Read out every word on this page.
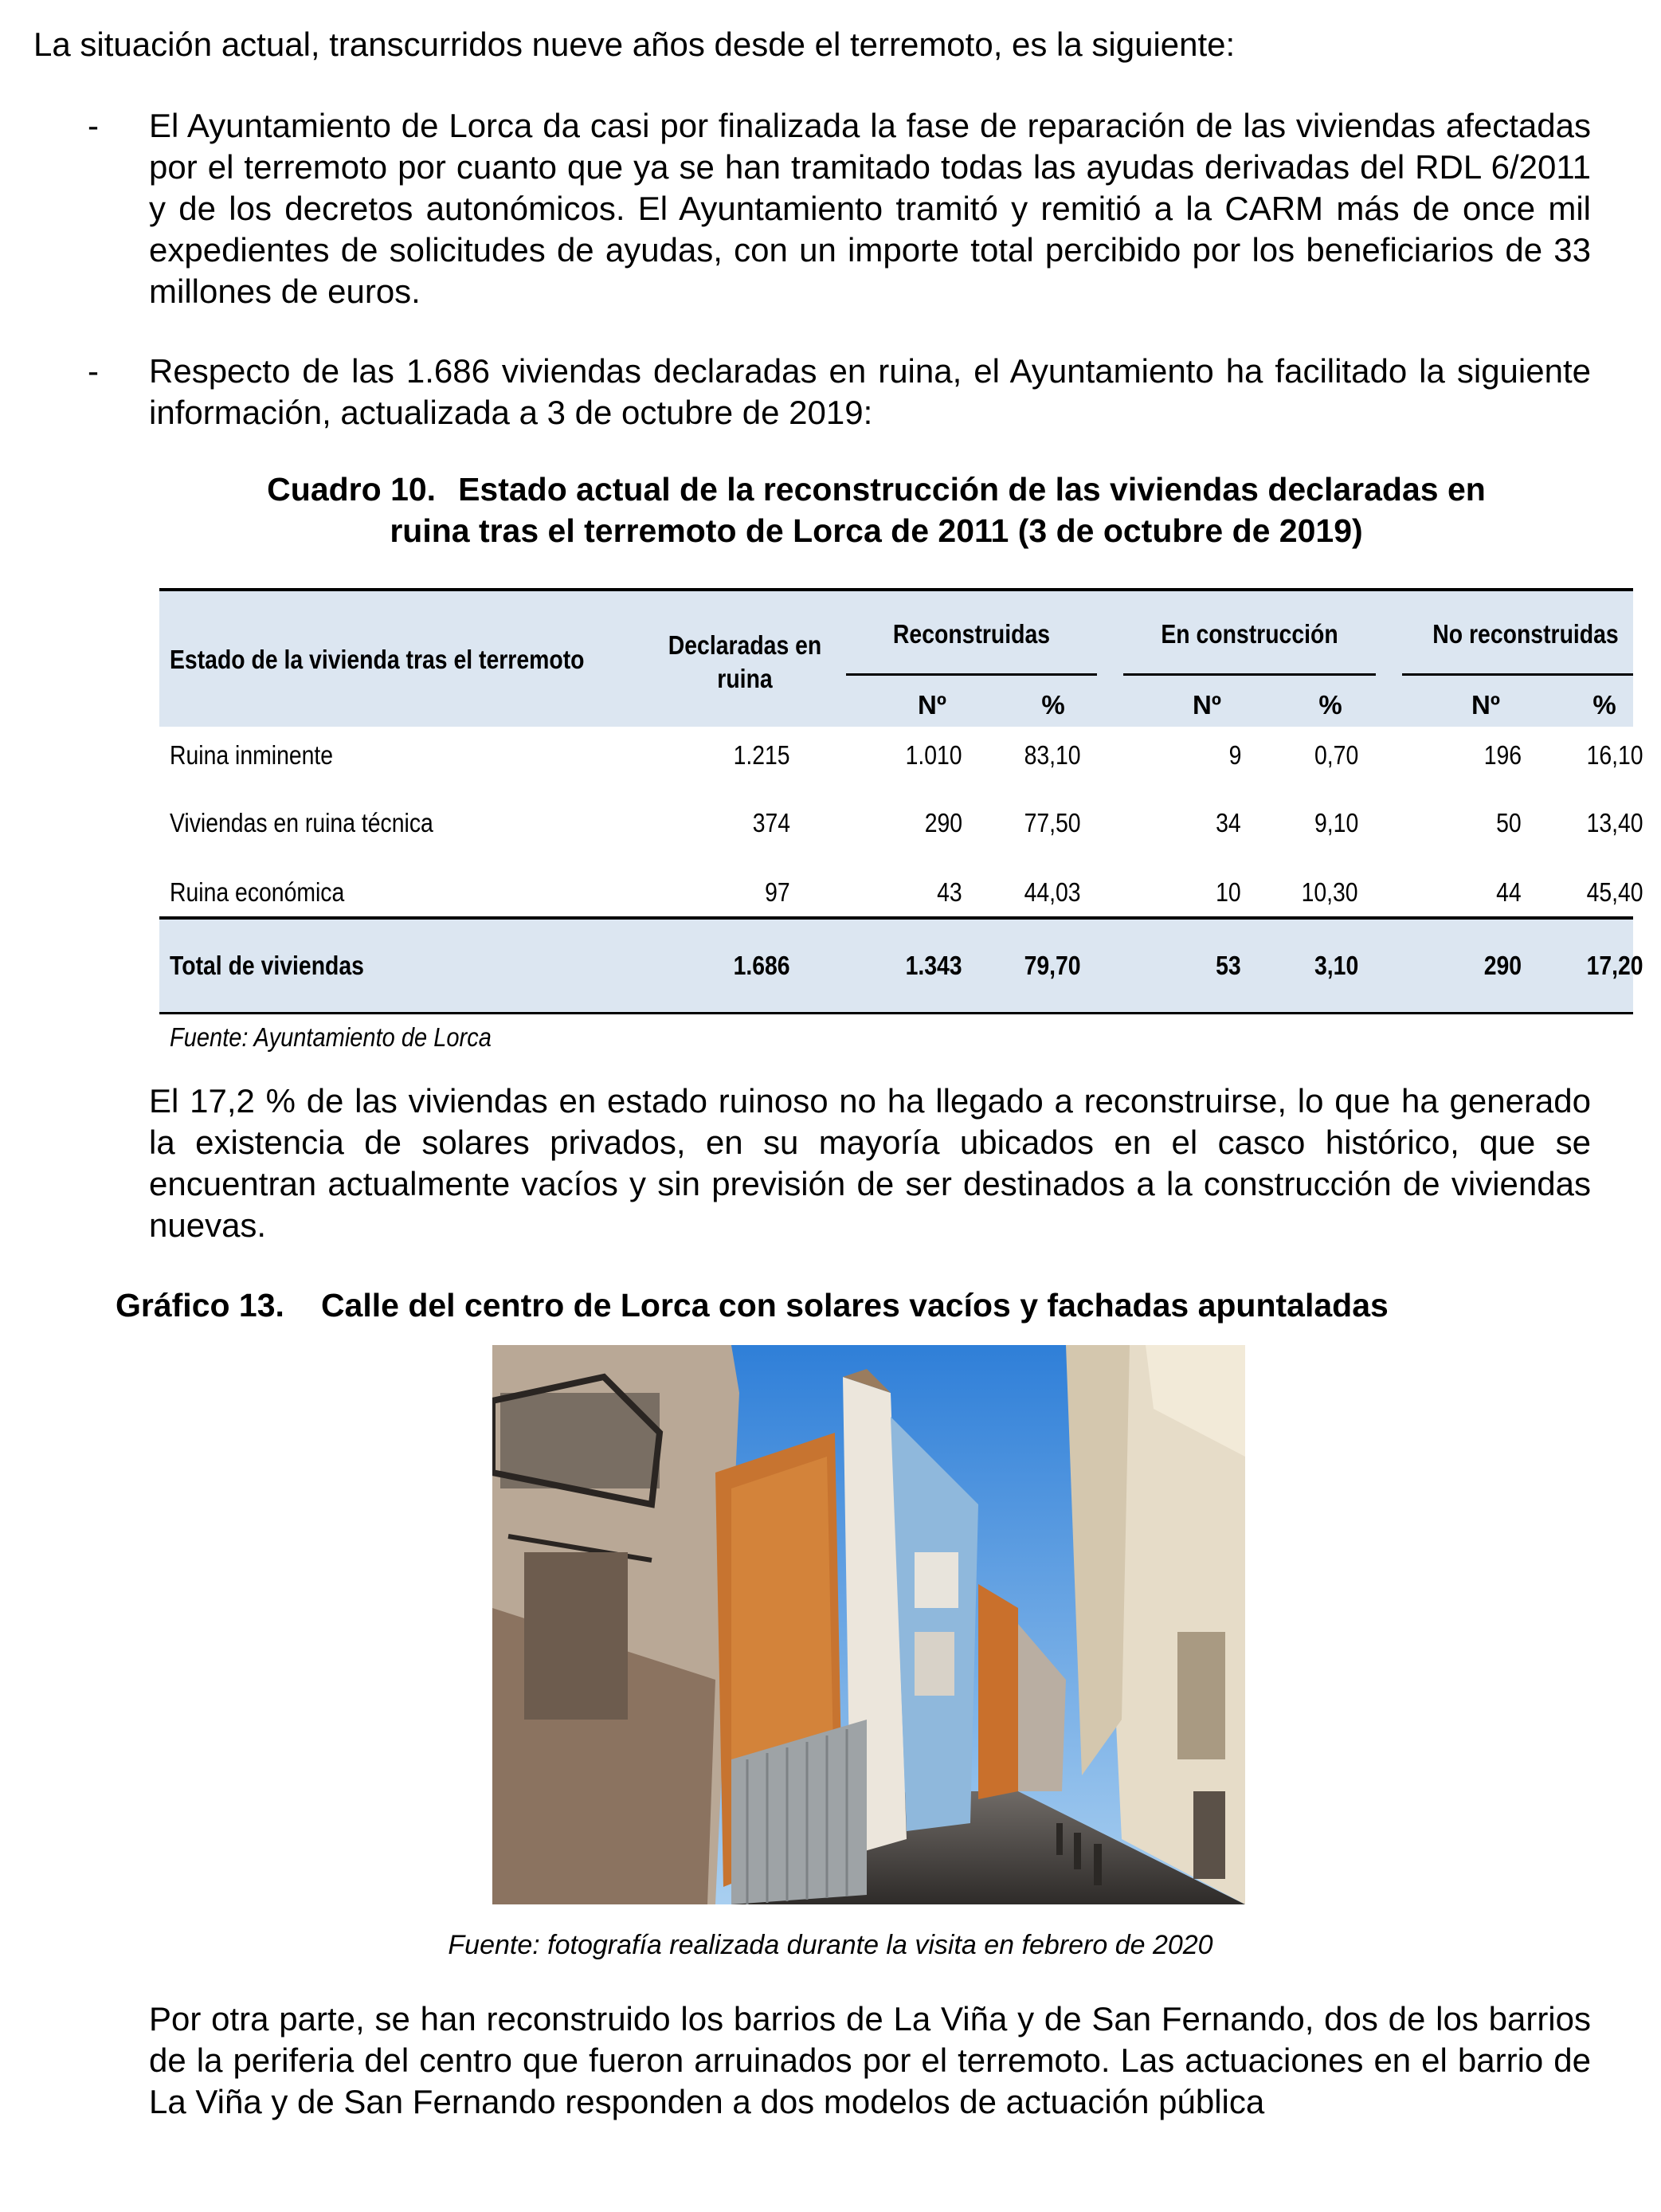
La situación actual, transcurridos nueve años desde el terremoto, es la siguiente:
- El Ayuntamiento de Lorca da casi por finalizada la fase de reparación de las viviendas afectadas por el terremoto por cuanto que ya se han tramitado todas las ayudas derivadas del RDL 6/2011 y de los decretos autonómicos. El Ayuntamiento tramitó y remitió a la CARM más de once mil expedientes de solicitudes de ayudas, con un importe total percibido por los beneficiarios de 33 millones de euros.
- Respecto de las 1.686 viviendas declaradas en ruina, el Ayuntamiento ha facilitado la siguiente información, actualizada a 3 de octubre de 2019:
Cuadro 10. Estado actual de la reconstrucción de las viviendas declaradas en
ruina tras el terremoto de Lorca de 2011 (3 de octubre de 2019)
Estado de la vivienda tras el terremoto	Declaradas en
ruina
Reconstruidas	En construcción	No reconstruidas
Nº	%	Nº	%	Nº	%
Ruina inminente	1.215	1.010 83,10	9	0,70	196 16,10
Viviendas en ruina técnica	374	290 77,50	34	9,10	50 13,40
Ruina económica	97	43 44,03	10 10,30	44 45,40
Total de viviendas	1.686	1.343 79,70	53	3,10	290 17,20
Fuente: Ayuntamiento de Lorca
El 17,2 % de las viviendas en estado ruinoso no ha llegado a reconstruirse, lo que ha generado la existencia de solares privados, en su mayoría ubicados en el casco histórico, que se encuentran actualmente vacíos y sin previsión de ser destinados a la construcción de viviendas nuevas.
Gráfico 13. Calle del centro de Lorca con solares vacíos y fachadas apuntaladas
Fuente: fotografía realizada durante la visita en febrero de 2020
Por otra parte, se han reconstruido los barrios de La Viña y de San Fernando, dos de los barrios de la periferia del centro que fueron arruinados por el terremoto. Las actuaciones en el barrio de La Viña y de San Fernando responden a dos modelos de actuación pública
